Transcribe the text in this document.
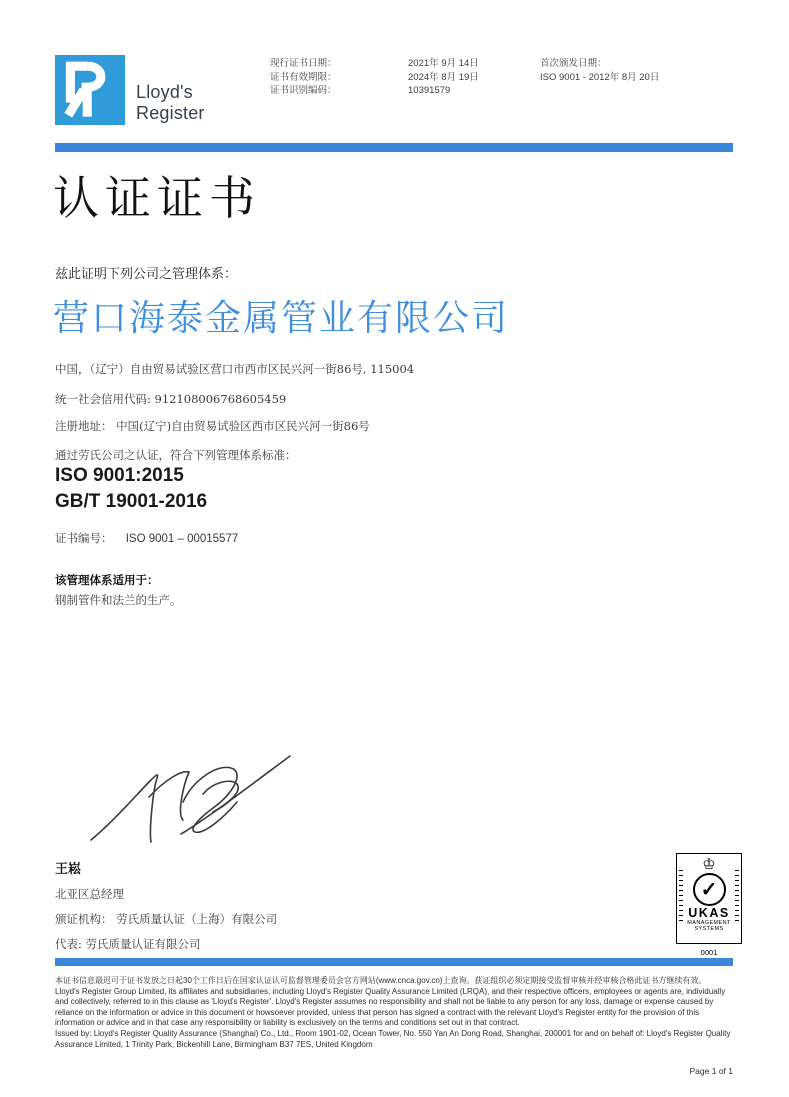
Lloyd's
Register
现行证书日期：	2021年 9月 14日
证书有效期限：	2024年 8月 19日
证书识别编码：	10391579
首次颁发日期：
ISO 9001 - 2012年 8月 20日
认证证书
兹此证明下列公司之管理体系：
营口海泰金属管业有限公司
中国，（辽宁）自由贸易试验区营口市西市区民兴河一街86号, 115004
统一社会信用代码: 912108006768605459
注册地址： 中国(辽宁)自由贸易试验区西市区民兴河一街86号
通过劳氏公司之认证，符合下列管理体系标准：
ISO 9001:2015
GB/T 19001-2016
证书编号： ISO 9001 – 00015577
该管理体系适用于：
钢制管件和法兰的生产。
王崧
北亚区总经理
颁证机构： 劳氏质量认证（上海）有限公司
代表: 劳氏质量认证有限公司
♔
✓
UKAS
MANAGEMENT
SYSTEMS
0001

本证书信息最迟可于证书发放之日起30个工作日后在国家认证认可监督管理委员会官方网站(www.cnca.gov.cn)上查询。获证组织必须定期接受监督审核并经审核合格此证书方继续有效。

Lloyd's Register Group Limited, its affiliates and subsidiaries, including Lloyd's Register Quality Assurance Limited (LRQA), and their respective officers, employees or agents are, individually and collectively, referred to in this clause as 'Lloyd's Register'. Lloyd's Register assumes no responsibility and shall not be liable to any person for any loss, damage or expense caused by reliance on the information or advice in this document or howsoever provided, unless that person has signed a contract with the relevant Lloyd's Register entity for the provision of this information or advice and in that case any responsibility or liability is exclusively on the terms and conditions set out in that contract.

Issued by: Lloyd's Register Quality Assurance (Shanghai) Co., Ltd., Room 1901-02, Ocean Tower, No. 550 Yan An Dong Road, Shanghai, 200001 for and on behalf of: Lloyd's Register Quality Assurance Limited, 1 Trinity Park, Bickenhill Lane, Birmingham B37 7ES, United Kingdom

Page 1 of 1
